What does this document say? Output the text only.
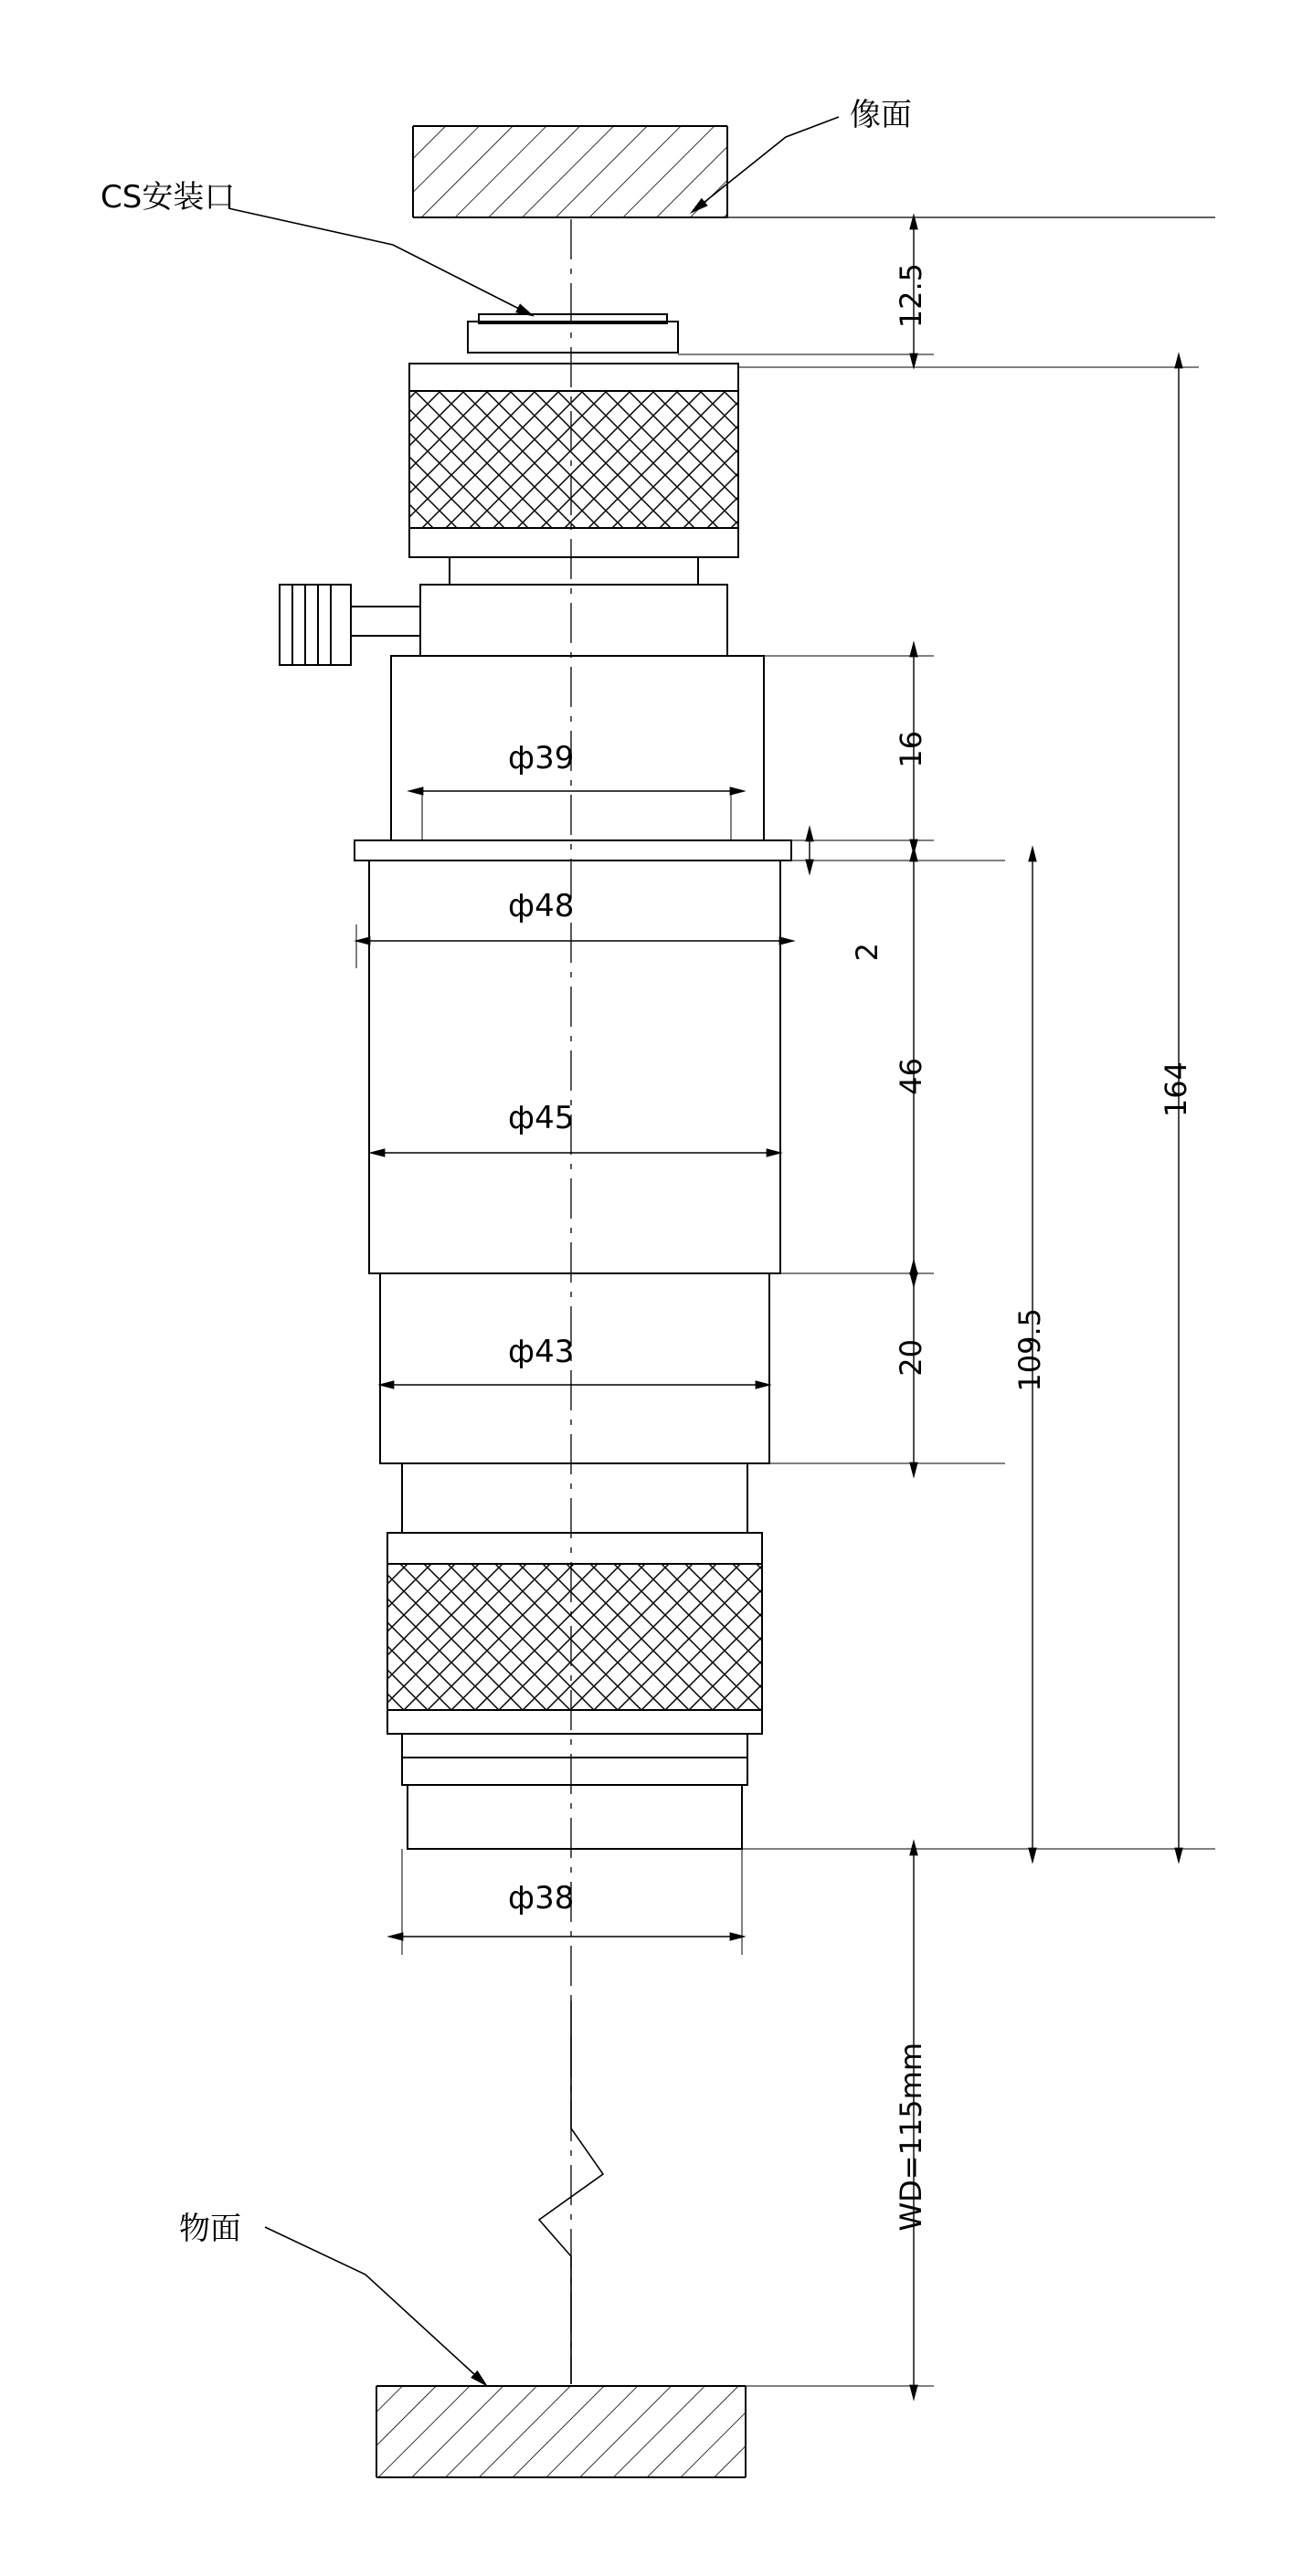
像面
CS安装口
物面
ф39
ф48
ф45
ф43
ф38
12.5
16
2
46
20	109.5
164
WD=115mm
